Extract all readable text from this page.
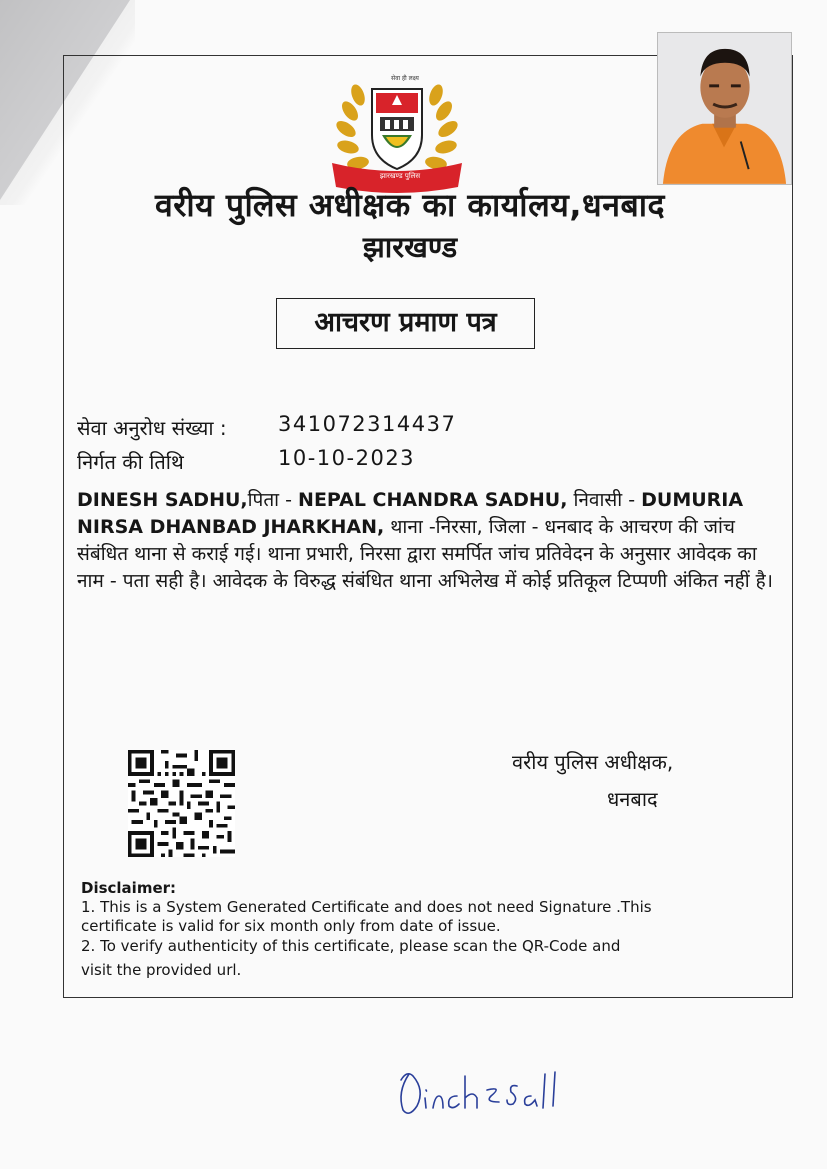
सेवा ही लक्ष्य
झारखण्ड पुलिस
वरीय पुलिस अधीक्षक का कार्यालय,धनबाद
झारखण्ड
आचरण प्रमाण पत्र
सेवा अनुरोध संख्या : 341072314437
निर्गत की तिथि	10-10-2023
DINESH SADHU,पिता - NEPAL CHANDRA SADHU, निवासी - DUMURIA NIRSA DHANBAD JHARKHAN, थाना -निरसा, जिला - धनबाद के आचरण की जांच संबंधित थाना से कराई गई। थाना प्रभारी, निरसा द्वारा समर्पित जांच प्रतिवेदन के अनुसार आवेदक का नाम - पता सही है। आवेदक के विरुद्ध संबंधित थाना अभिलेख में कोई प्रतिकूल टिप्पणी अंकित नहीं है।
वरीय पुलिस अधीक्षक,
धनबाद
Disclaimer:
1. This is a System Generated Certificate and does not need Signature .This
certificate is valid for six month only from date of issue.
2. To verify authenticity of this certificate, please scan the QR-Code and
visit the provided url.
